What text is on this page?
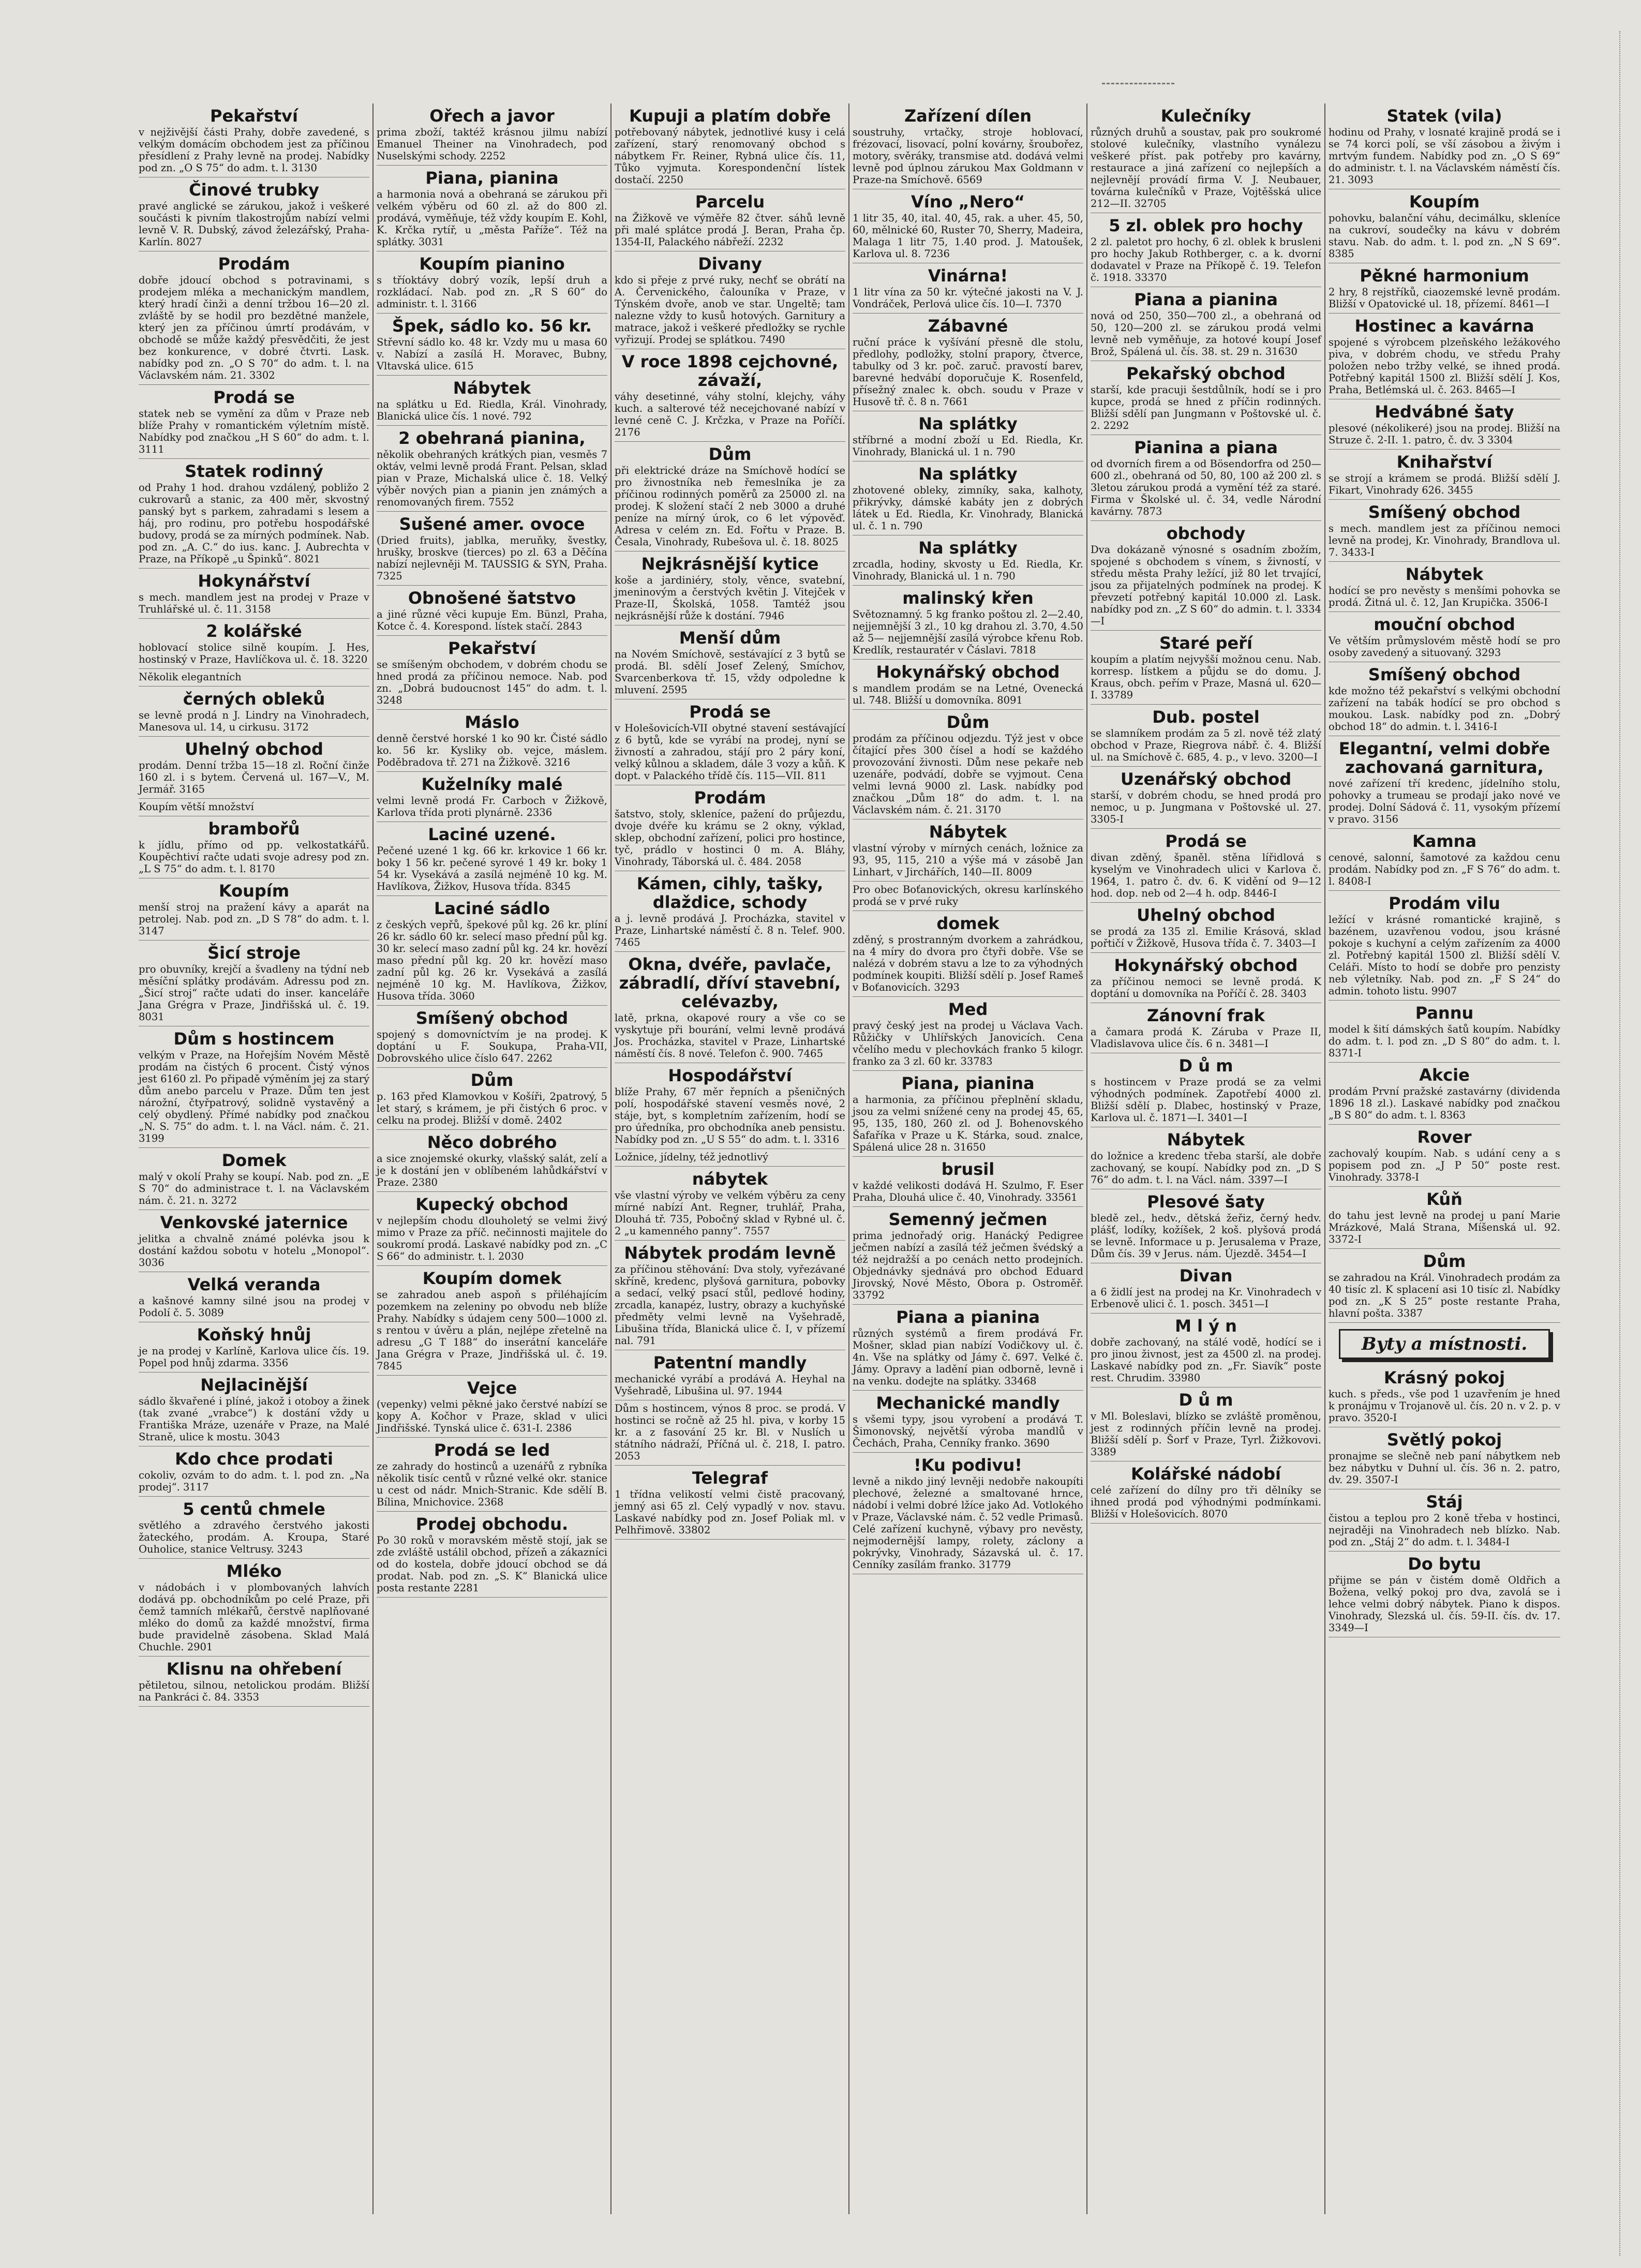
Pekařství

v nejživější části Prahy, dobře zavedené, s velkým domácím obchodem jest za příčinou přesídlení z Prahy levně na prodej. Nabídky pod zn. „O S 75“ do adm. t. l. 3130

Činové trubky

pravé anglické se zárukou, jakož i veškeré součásti k pivním tlakostrojům nabízí velmi levně V. R. Dubský, závod železářský, Praha-Karlín. 8027

Prodám

dobře jdoucí obchod s potravinami, s prodejem mléka a mechanickým mandlem, který hradí činži a denní tržbou 16—20 zl. zvláště by se hodil pro bezdětné manžele, který jen za příčinou úmrtí prodávám, v obchodě se může každý přesvědčiti, že jest bez konkurence, v dobré čtvrti. Lask. nabídky pod zn. „O S 70“ do adm. t. l. na Václavském nám. 21. 3302

Prodá se

statek neb se vymění za dům v Praze neb blíže Prahy v romantickém výletním místě. Nabídky pod značkou „H S 60“ do adm. t. l. 3111

Statek rodinný

od Prahy 1 hod. drahou vzdálený, pobližo 2 cukrovarů a stanic, za 400 měr, skvostný panský byt s parkem, zahradami s lesem a háj, pro rodinu, pro potřebu hospodářské budovy, prodá se za mírných podmínek. Nab. pod zn. „A. C.“ do ius. kanc. J. Aubrechta v Praze, na Příkopě „u Špinků“. 8021

Hokynářství

s mech. mandlem jest na prodej v Praze v Truhlářské ul. č. 11. 3158

2 kolářské

hoblovací stolice silně koupím. J. Hes, hostinský v Praze, Havlíčkova ul. č. 18. 3220

Několik elegantních

černých obleků

se levně prodá n J. Lindry na Vinohradech, Manesova ul. 14, u cirkusu. 3172

Uhelný obchod

prodám. Denní tržba 15—18 zl. Roční činže 160 zl. i s bytem. Červená ul. 167—V., M. Jermář. 3165

Koupím větší množství

brambořů

k jídlu, přímo od pp. velkostatkářů. Koupěchtiví račte udati svoje adresy pod zn. „L S 75“ do adm. t. l. 8170

Koupím

menší stroj na pražení kávy a aparát na petrolej. Nab. pod zn. „D S 78“ do adm. t. l. 3147

Šicí stroje

pro obuvníky, krejčí a švadleny na týdní neb měsíční splátky prodávám. Adressu pod zn. „Šicí stroj“ račte udati do inser. kanceláře Jana Grégra v Praze, Jindřišská ul. č. 19. 8031

Dům s hostincem

velkým v Praze, na Hořejším Novém Městě prodám na čistých 6 procent. Čistý výnos jest 6160 zl. Po připadě výměním jej za starý dům anebo parcelu v Praze. Dům ten jest nárožní, čtyřpatrový, solidně vystavěný a celý obydlený. Přímé nabídky pod značkou „N. S. 75“ do adm. t. l. na Václ. nám. č. 21. 3199

Domek

malý v okolí Prahy se koupí. Nab. pod zn. „E S 70“ do administrace t. l. na Václavském nám. č. 21. n. 3272

Venkovské jaternice

jelitka a chvalně známé polévka jsou k dostání každou sobotu v hotelu „Monopol“. 3036

Velká veranda

a kašnové kamny silné jsou na prodej v Podolí č. 5. 3089

Koňský hnůj

je na prodej v Karlíně, Karlova ulice čís. 19. Popel pod hnůj zdarma. 3356

Nejlacinější

sádlo škvařené i plíné, jakož i otoboy a žinek (tak zvané „vrabce“) k dostání vždy u Františka Mráze, uzenáře v Praze, na Malé Straně, ulice k mostu. 3043

Kdo chce prodati

cokoliv, ozvám to do adm. t. l. pod zn. „Na prodej“. 3117

5 centů chmele

světlého a zdravého čerstvého jakosti žateckého, prodám. A. Kroupa, Staré Ouholice, stanice Veltrusy. 3243

Mléko

v nádobách i v plombovaných lahvích dodává pp. obchodníkům po celé Praze, při čemž tamních mlékařů, čerstvě naplňované mléko do domů za každé množství, firma bude pravidelně zásobena. Sklad Malá Chuchle. 2901

Klisnu na ohřebení

pětiletou, silnou, netolickou prodám. Bližší na Pankráci č. 84. 3353

Ořech a javor

prima zboží, taktéž krásnou jilmu nabízí Emanuel Theiner na Vinohradech, pod Nuselskými schody. 2252

Piana, pianina

a harmonia nová a obehraná se zárukou při velkém výběru od 60 zl. až do 800 zl. prodává, vyměňuje, též vždy koupím E. Kohl, K. Krčka rytíř, u „města Paříže“. Též na splátky. 3031

Koupím pianino

s tříoktávy dobrý vozík, lepší druh a rozkládací. Nab. pod zn. „R S 60“ do administr. t. l. 3166

Špek, sádlo ko. 56 kr.

Střevní sádlo ko. 48 kr. Vzdy mu u masa 60 v. Nabízí a zasílá H. Moravec, Bubny, Vltavská ulice. 615

Nábytek

na splátku u Ed. Riedla, Král. Vinohrady, Blanická ulice čís. 1 nové. 792

2 obehraná pianina,

několik obehraných krátkých pian, vesměs 7 oktáv, velmi levně prodá Frant. Pelsan, sklad pian v Praze, Michalská ulice č. 18. Velký výběr nových pian a pianin jen známých a renomovaných firem. 7552

Sušené amer. ovoce

(Dried fruits), jablka, meruňky, švestky, hrušky, broskve (tierces) po zl. 63 a Děčína nabízí nejlevněji M. TAUSSIG & SYN, Praha. 7325

Obnošené šatstvo

a jiné různé věci kupuje Em. Bünzl, Praha, Kotce č. 4. Korespond. lístek stačí. 2843

Pekařství

se smíšeným obchodem, v dobrém chodu se hned prodá za příčinou nemoce. Nab. pod zn. „Dobrá budoucnost 145“ do adm. t. l. 3248

Máslo

denně čerstvé horské 1 ko 90 kr. Čisté sádlo ko. 56 kr. Kysliky ob. vejce, máslem. Poděbradova tř. 271 na Žižkově. 3216

Kuželníky malé

velmi levně prodá Fr. Carboch v Žižkově, Karlova třída proti plynárně. 2336

Laciné uzené.

Pečené uzené 1 kg. 66 kr. krkovice 1 66 kr. boky 1 56 kr. pečené syrové 1 49 kr. boky 1 54 kr. Vysekává a zasílá nejméně 10 kg. M. Havlíkova, Žižkov, Husova třída. 8345

Laciné sádlo

z českých vepřů, špekové půl kg. 26 kr. plíní 26 kr. sádlo 60 kr. selecí maso přední půl kg. 30 kr. selecí maso zadní půl kg. 24 kr. hovězí maso přední půl kg. 20 kr. hovězí maso zadní půl kg. 26 kr. Vysekává a zasílá nejméně 10 kg. M. Havlíkova, Žižkov, Husova třída. 3060

Smíšený obchod

spojený s domovníctvím je na prodej. K doptání u F. Soukupa, Praha-VII, Dobrovského ulice číslo 647. 2262

Dům

p. 163 před Klamovkou v Košíři, 2patrový, 5 let starý, s krámem, je při čistých 6 proc. v celku na prodej. Bližší v domě. 2402

Něco dobrého

a sice znojemské okurky, vlašský salát, zelí a je k dostání jen v oblíbeném lahůdkářství v Praze. 2380

Kupecký obchod

v nejlepším chodu dlouholetý se velmi živý mimo v Praze za příč. nečinnosti majitele do soukromí prodá. Laskavé nabídky pod zn. „C S 66“ do administr. t. l. 2030

Koupím domek

se zahradou aneb aspoň s přiléhajícím pozemkem na zeleniny po obvodu neb blíže Prahy. Nabídky s údajem ceny 500—1000 zl. s rentou v úvěru a plán, nejlépe zřetelně na adresu „G T 188“ do inserátní kanceláře Jana Grégra v Praze, Jindřišská ul. č. 19. 7845

Vejce

(vepenky) velmi pěkné jako čerstvé nabízí se kopy A. Kočhor v Praze, sklad v ulici Jindřišské. Tynská ulice č. 631-I. 2386

Prodá se led

ze zahrady do hostinců a uzenářů z rybníka několik tisíc centů v různé velké okr. stanice u cest od nádr. Mnich-Stranic. Kde sdělí B. Bílina, Mnichovice. 2368

Prodej obchodu.

Po 30 roků v moravském městě stojí, jak se zde zvláště ustálil obchod, přízeň a zákazníci od do kostela, dobře jdoucí obchod se dá prodat. Nab. pod zn. „S. K“ Blanická ulice posta restante 2281

Kupuji a platím dobře

potřebovaný nábytek, jednotlivé kusy i celá zařízení, starý renomovaný obchod s nábytkem Fr. Reiner, Rybná ulice čís. 11, Tůko vyjmuta. Korespondenční lístek dostačí. 2250

Parcelu

na Žižkově ve výměře 82 čtver. sáhů levně při malé splátce prodá J. Beran, Praha čp. 1354-II, Palackého nábřeží. 2232

Divany

kdo si přeje z prvé ruky, nechť se obrátí na A. Červenického, čalouníka v Praze, v Týnském dvoře, anob ve star. Ungeltě; tam nalezne vždy to kusů hotových. Garnitury a matrace, jakož i veškeré předložky se rychle vyřizují. Prodej se splátkou. 7490

V roce 1898 cejchovné, závaží,

váhy desetinné, váhy stolní, klejchy, váhy kuch. a salterové též necejchované nabízí v levné ceně C. J. Krčzka, v Praze na Poříčí. 2176

Dům

při elektrické dráze na Smíchově hodící se pro živnostníka neb řemeslníka je za příčinou rodinných poměrů za 25000 zl. na prodej. K složení stačí 2 neb 3000 a druhé peníze na mírný úrok, co 6 let výpověď. Adresa v celém zn. Ed. Fořtu v Praze. B. Česala, Vinohrady, Rubešova ul. č. 18. 8025

Nejkrásnější kytice

koše a jardiniéry, stoly, věnce, svatební, jmeninovým a čerstvých květin J. Vitejček v Praze-II, Školská, 1058. Tamtéž jsou nejkrásnější růže k dostání. 7946

Menší dům

na Novém Smíchově, sestávající z 3 bytů se prodá. Bl. sdělí Josef Zelený, Smíchov, Svarcenberkova tř. 15, vždy odpoledne k mluvení. 2595

Prodá se

v Holešovicích-VII obytné stavení sestávající z 6 bytů, kde se vyrábí na prodej, nyní se živností a zahradou, stájí pro 2 páry koní, velký kůlnou a skladem, dále 3 vozy a kůň. K dopt. v Palackého třídě čís. 115—VII. 811

Prodám

šatstvo, stoly, skleníce, pažení do průjezdu, dvoje dvéře ku krámu se 2 okny, výklad, sklep, obchodní zařízení, polici pro hostince, tyč, prádlo v hostinci 0 m. A. Bláhy, Vinohrady, Táborská ul. č. 484. 2058

Kámen, cihly, tašky, dlaždice, schody

a j. levně prodává J. Procházka, stavitel v Praze, Linhartské náměstí č. 8 n. Telef. 900. 7465

Okna, dvéře, pavlače, zábradlí, dříví stavební, celévazby,

latě, prkna, okapové roury a vše co se vyskytuje při bourání, velmi levně prodává Jos. Procházka, stavitel v Praze, Linhartské náměstí čís. 8 nové. Telefon č. 900. 7465

Hospodářství

blíže Prahy, 67 měr řepních a pšeničných polí, hospodářské stavení vesměs nové, 2 stáje, byt, s kompletním zařízením, hodí se pro úředníka, pro obchodníka aneb pensistu. Nabídky pod zn. „U S 55“ do adm. t. l. 3316

Ložnice, jídelny, též jednotlivý

nábytek

vše vlastní výroby ve velkém výběru za ceny mírné nabízí Ant. Regner, truhlář, Praha, Dlouhá tř. 735, Pobočný sklad v Rybné ul. č. 2 „u kamenného panny“. 7557

Nábytek prodám levně

za příčinou stěhování: Dva stoly, vyřezávané skříně, kredenc, plyšová garnitura, pobovky a sedací, velký psací stůl, pedlové hodiny, zrcadla, kanapéz, lustry, obrazy a kuchyňské předměty velmi levně na Vyšehradě, Libušina třída, Blanická ulice č. I, v přízemí nal. 791

Patentní mandly

mechanické vyrábí a prodává A. Heyhal na Vyšehradě, Libušina ul. 97. 1944

Dům s hostincem, výnos 8 proc. se prodá. V hostinci se ročně až 25 hl. piva, v korby 15 kr. a z fasování 25 kr. Bl. v Nuslích u státního nádraží, Příčná ul. č. 218, I. patro. 2053

Telegraf

1 třídna velikostí velmi čistě pracovaný, jemný asi 65 zl. Celý vypadlý v nov. stavu. Laskavé nabídky pod zn. Josef Poliak ml. v Pelhřimově. 33802

Zařízení dílen

soustruhy, vrtačky, stroje hoblovací, frézovací, lisovací, polní kovárny, šroubořez, motory, svěráky, transmise atd. dodává velmi levně pod úplnou zárukou Max Goldmann v Praze-na Smíchově. 6569

Víno „Nero“

1 litr 35, 40, ital. 40, 45, rak. a uher. 45, 50, 60, mělnické 60, Ruster 70, Sherry, Madeira, Malaga 1 litr 75, 1.40 prod. J. Matoušek, Karlova ul. 8. 7236

Vinárna!

1 litr vína za 50 kr. výtečné jakosti na V. J. Vondráček, Perlová ulice čís. 10—I. 7370

Zábavné

ruční práce k vyšívání přesně dle stolu, předlohy, podložky, stolní prapory, čtverce, tabulky od 3 kr. poč. zaruč. pravostí barev, barevné hedvábí doporučuje K. Rosenfeld, přísežný znalec k. obch. soudu v Praze v Husově tř. č. 8 n. 7661

Na splátky

stříbrné a modní zboží u Ed. Riedla, Kr. Vinohrady, Blanická ul. 1 n. 790

Na splátky

zhotovené obleky, zimníky, saka, kalhoty, přikrývky, dámské kabáty jen z dobrých látek u Ed. Riedla, Kr. Vinohrady, Blanická ul. č. 1 n. 790

Na splátky

zrcadla, hodiny, skvosty u Ed. Riedla, Kr. Vinohrady, Blanická ul. 1 n. 790

malinský křen

Světoznamný. 5 kg franko poštou zl. 2—2.40, nejjemnější 3 zl., 10 kg drahou zl. 3.70, 4.50 až 5— nejjemnější zasílá výrobce křenu Rob. Kredlík, restauratér v Čáslavi. 7818

Hokynářský obchod

s mandlem prodám se na Letné, Ovenecká ul. 748. Bližší u domovníka. 8091

Dům

prodám za příčinou odjezdu. Týž jest v obce čítající přes 300 čísel a hodí se každého provozování živnosti. Dům nese pekaře neb uzenáře, podvádí, dobře se vyjmout. Cena velmi levná 9000 zl. Lask. nabídky pod značkou „Dům 18“ do adm. t. l. na Václavském nám. č. 21. 3170

Nábytek

vlastní výroby v mírných cenách, ložnice za 93, 95, 115, 210 a výše má v zásobě Jan Linhart, v Jirchářích, 140—II. 8009

Pro obec Boťanovických, okresu karlínského prodá se v prvé ruky

domek

zděný, s prostranným dvorkem a zahrádkou, na 4 míry do dvora pro čtyři dobře. Vše se nalézá v dobrém stavu a lze to za výhodných podmínek koupiti. Bližší sdělí p. Josef Rameš v Boťanovicích. 3293

Med

pravý český jest na prodej u Václava Vach. Růžičky v Uhlířských Janovicích. Cena včelího medu v plechovkách franko 5 kilogr. franko za 3 zl. 60 kr. 33783

Piana, pianina

a harmonia, za příčinou přeplnění skladu, jsou za velmi snížené ceny na prodej 45, 65, 95, 135, 180, 260 zl. od J. Bohenovského Šafaříka v Praze u K. Stárka, soud. znalce, Spálená ulice 28 n. 31650

brusil

v každé velikosti dodává H. Szulmo, F. Eser Praha, Dlouhá ulice č. 40, Vinohrady. 33561

Semenný ječmen

prima jednořadý orig. Hanácký Pedigree ječmen nabízí a zasílá též ječmen švédský a též nejdražší a po cenách netto prodejních. Objednávky sjednává pro obchod Eduard Jirovský, Nové Město, Obora p. Ostroměř. 33792

Piana a pianina

různých systémů a firem prodává Fr. Mošner, sklad pian nabízí Vodičkovy ul. č. 4n. Vše na splátky od Jámy č. 697. Velké č. Jámy. Opravy a ladění pian odborně, levně i na venku. dodejte na splátky. 33468

Mechanické mandly

s všemi typy, jsou vyrobení a prodává T. Šimonovský, největší výroba mandlů v Čechách, Praha, Cenníky franko. 3690

!Ku podivu!

levně a nikdo jiný levněji nedobře nakoupíti plechové, železné a smaltované hrnce, nádobí i velmi dobré lžíce jako Ad. Votlokého v Praze, Václavské nám. č. 52 vedle Primasů. Celé zařízení kuchyně, výbavy pro nevěsty, nejmodernější lampy, rolety, záclony a pokrývky, Vinohrady, Sázavská ul. č. 17. Cenníky zasílám franko. 31779

Kulečníky

různých druhů a soustav, pak pro soukromé stolové kulečníky, vlastního vynálezu veškeré příst. pak potřeby pro kavárny, restaurace a jiná zařízení co nejlepších a nejlevnějí provádí firma V. J. Neubauer, továrna kulečníků v Praze, Vojtěšská ulice 212—II. 32705

5 zl. oblek pro hochy

2 zl. paletot pro hochy, 6 zl. oblek k brusleni pro hochy Jakub Rothberger, c. a k. dvorní dodavatel v Praze na Příkopě č. 19. Telefon č. 1918. 33370

Piana a pianina

nová od 250, 350—700 zl., a obehraná od 50, 120—200 zl. se zárukou prodá velmi levně neb vyměňuje, za hotové koupí Josef Brož, Spálená ul. čís. 38. st. 29 n. 31630

Pekařský obchod

starší, kde pracuji šestdůlník, hodí se i pro kupce, prodá se hned z příčin rodinných. Bližší sdělí pan Jungmann v Poštovské ul. č. 2. 2292

Pianina a piana

od dvorních firem a od Bösendorfra od 250—600 zl., obehraná od 50, 80, 100 až 200 zl. s 3letou zárukou prodá a vymění též za staré. Firma v Školské ul. č. 34, vedle Národní kavárny. 7873

obchody

Dva dokázaně výnosné s osadním zbožím, spojené s obchodem s vínem, s živností, v středu města Prahy ležící, již 80 let trvající, jsou za přijatelných podmínek na prodej. K převzetí potřebný kapitál 10.000 zl. Lask. nabídky pod zn. „Z S 60“ do admin. t. l. 3334—I

Staré peří

koupím a platím nejvyšší možnou cenu. Nab. korresp. lístkem a půjdu se do domu. J. Kraus, obch. peřím v Praze, Masná ul. 620—I. 33789

Dub. postel

se slamníkem prodám za 5 zl. nově též zlatý obchod v Praze, Riegrova nábř. č. 4. Bližší ul. na Smíchově č. 685, 4. p., v levo. 3200—I

Uzenářský obchod

starší, v dobrém chodu, se hned prodá pro nemoc, u p. Jungmana v Poštovské ul. 27. 3305-I

Prodá se

divan zděný, španěl. stěna lířidlová s kyselým ve Vinohradech ulici v Karlova č. 1964, 1. patro č. dv. 6. K vidění od 9—12 hod. dop. neb od 2—4 h. odp. 8446-I

Uhelný obchod

se prodá za 135 zl. Emilie Krásová, sklad pořtičí v Žižkově, Husova třída č. 7. 3403—I

Hokynářský obchod

za příčinou nemoci se levně prodá. K doptání u domovníka na Poříčí č. 28. 3403

Zánovní frak

a čamara prodá K. Záruba v Praze II, Vladislavova ulice čís. 6 n. 3481—I

D ů m

s hostincem v Praze prodá se za velmi výhodných podmínek. Zapotřebí 4000 zl. Bližší sdělí p. Dlabec, hostinský v Praze, Karlova ul. č. 1871—I. 3401—I

Nábytek

do ložnice a kredenc třeba starší, ale dobře zachovaný, se koupí. Nabídky pod zn. „D S 76“ do adm. t. l. na Václ. nám. 3397—I

Plesové šaty

bledě zel., hedv., dětská žeřiz, černý hedv. plášť, lodíky, kožíšek, 2 koš. plyšová prodá se levně. Informace u p. Jerusalema v Praze, Dům čís. 39 v Jerus. nám. Újezdě. 3454—I

Divan

a 6 židlí jest na prodej na Kr. Vinohradech v Erbenově ulici č. 1. posch. 3451—I

M l ý n

dobře zachovaný, na stálé vodě, hodící se i pro jinou živnost, jest za 4500 zl. na prodej. Laskavé nabídky pod zn. „Fr. Siavík“ poste rest. Chrudim. 33980

D ů m

v Ml. Boleslavi, blízko se zvláště proměnou, jest z rodinných příčin levně na prodej. Bližší sdělí p. Šorf v Praze, Tyrl. Žižkovovi. 3389

Kolářské nádobí

celé zařízení do dílny pro tři dělníky se ihned prodá pod výhodnými podmínkami. Bližší v Holešovicích. 8070

Statek (vila)

hodinu od Prahy, v losnaté krajině prodá se i se 74 korci polí, se vší zásobou a živým i mrtvým fundem. Nabídky pod zn. „O S 69“ do administr. t. l. na Václavském náměstí čís. 21. 3093

Koupím

pohovku, balanční váhu, decimálku, skleníce na cukroví, soudečky na kávu v dobrém stavu. Nab. do adm. t. l. pod zn. „N S 69“. 8385

Pěkné harmonium

2 hry, 8 rejstříků, ciaozemské levně prodám. Bližší v Opatovické ul. 18, přízemí. 8461—I

Hostinec a kavárna

spojené s výrobcem plzeňského ležákového piva, v dobrém chodu, ve středu Prahy položen nebo tržby velké, se ihned prodá. Potřebný kapitál 1500 zl. Bližší sdělí J. Kos, Praha, Betlémská ul. č. 263. 8465—I

Hedvábné šaty

plesové (nékolikeré) jsou na prodej. Bližší na Struze č. 2-II. 1. patro, č. dv. 3 3304

Knihařství

se strojí a krámem se prodá. Bližší sdělí J. Fikart, Vinohrady 626. 3455

Smíšený obchod

s mech. mandlem jest za příčinou nemoci levně na prodej, Kr. Vinohrady, Brandlova ul. 7. 3433-I

Nábytek

hodící se pro nevěsty s menšími pohovka se prodá. Žitná ul. č. 12, Jan Krupička. 3506-I

mouční obchod

Ve větším průmyslovém městě hodí se pro osoby zavedený a situovaný. 3293

Smíšený obchod

kde možno též pekařství s velkými obchodní zařízení na tabák hodící se pro obchod s moukou. Lask. nabídky pod zn. „Dobrý obchod 18“ do admin. t. l. 3416-I

Elegantní, velmi dobře zachovaná garnitura,

nové zařízení tří kredenc, jídelního stolu, pohovky a trumeau se prodají jako nové ve prodej. Dolní Sádová č. 11, vysokým přízemí v pravo. 3156

Kamna

cenové, salonní, šamotové za každou cenu prodám. Nabídky pod zn. „F S 76“ do adm. t. l. 8408-I

Prodám vilu

ležící v krásné romantické krajině, s bazénem, uzavřenou vodou, jsou krásné pokoje s kuchyní a celým zařízením za 4000 zl. Potřebný kapitál 1500 zl. Bližší sdělí V. Celáři. Místo to hodí se dobře pro penzisty neb výletníky. Nab. pod zn. „F S 24“ do admin. tohoto listu. 9907

Pannu

model k šití dámských šatů koupím. Nabídky do adm. t. l. pod zn. „D S 80“ do adm. t. l. 8371-I

Akcie

prodám První pražské zastavárny (dividenda 1896 18 zl.). Laskavé nabídky pod značkou „B S 80“ do adm. t. l. 8363

Rover

zachovalý koupím. Nab. s udání ceny a s popisem pod zn. „J P 50“ poste rest. Vinohrady. 3378-I

Kůň

do tahu jest levně na prodej u paní Marie Mrázkové, Malá Strana, Míšenská ul. 92. 3372-I

Dům

se zahradou na Král. Vinohradech prodám za 40 tisíc zl. K splacení asi 10 tisíc zl. Nabídky pod zn. „K S 25“ poste restante Praha, hlavní pošta. 3387

Byty a místnosti.
Krásný pokoj

kuch. s předs., vše pod 1 uzavřením je hned k pronájmu v Trojanově ul. čís. 20 n. v 2. p. v pravo. 3520-I

Světlý pokoj

pronajme se slečně neb paní nábytkem neb bez nábytku v Duhní ul. čís. 36 n. 2. patro, dv. 29. 3507-I

Stáj

čistou a teplou pro 2 koně třeba v hostinci, nejraději na Vinohradech neb blízko. Nab. pod zn. „Stáj 2“ do adm. t. l. 3484-I

Do bytu

přijme se pán v čistém domě Oldřich a Božena, velký pokoj pro dva, zavolá se i lehce velmi dobrý nábytek. Piano k dispos. Vinohrady, Slezská ul. čís. 59-II. čís. dv. 17. 3349—I
